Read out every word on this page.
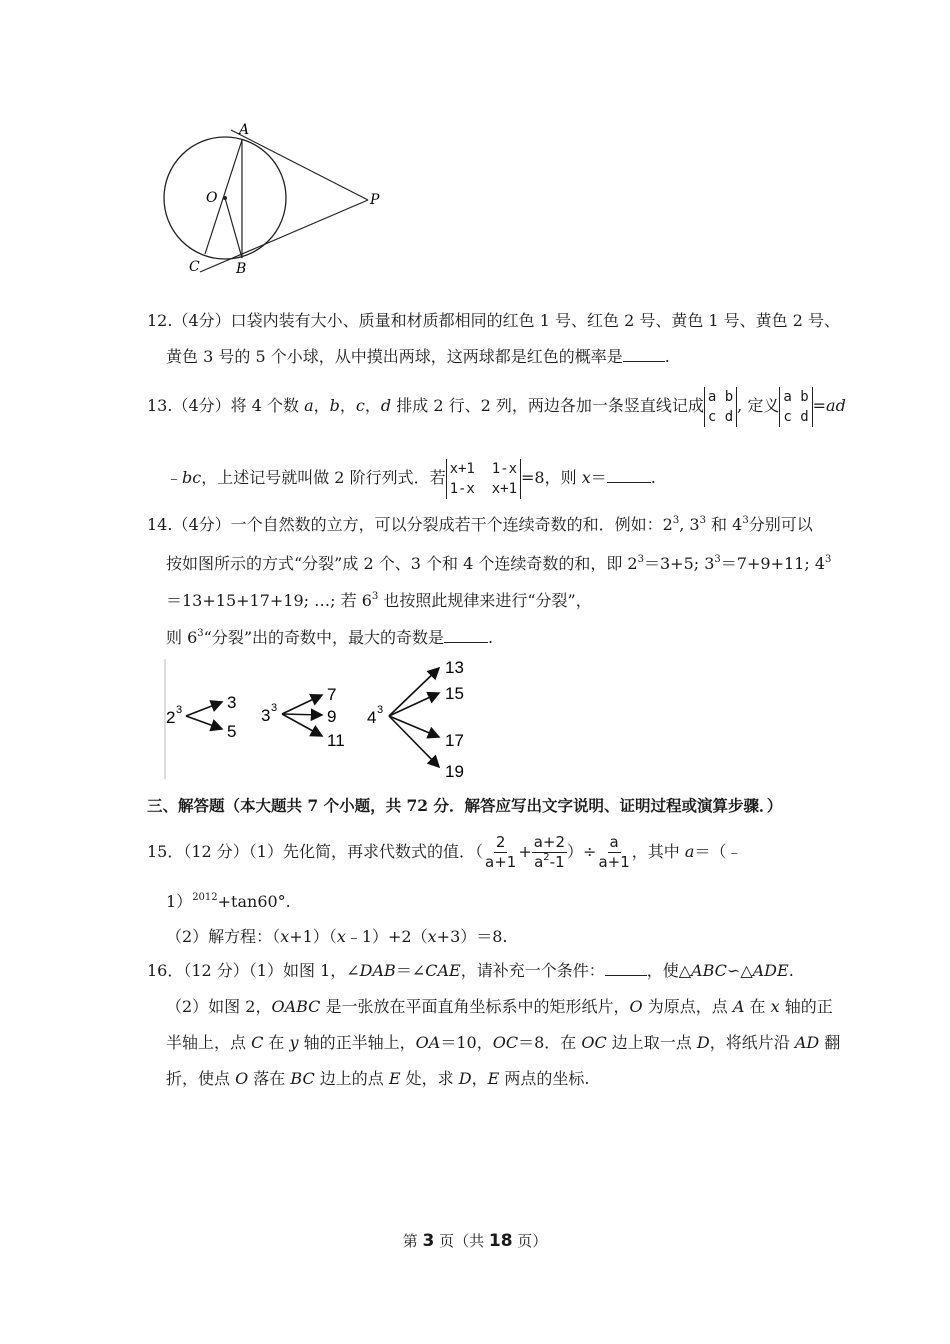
A
O	P
C	B
12.（4分）口袋内装有大小、质量和材质都相同的红色 1 号、红色 2 号、黄色 1 号、黄色 2 号、
黄色 3 号的 5 个小球，从中摸出两球，这两球都是红色的概率是	.
13.（4分）将 4 个数 a，b，c，d 排成 2 行、2 列，两边各加一条竖直线记成 a b
c d
, 定义 a b
c d
=ad
﹣bc，上述记号就叫做 2 阶行列式．若 x+1  1-x
1-x  x+1
=8，则 x＝	.
14.（4分）一个自然数的立方，可以分裂成若干个连续奇数的和．例如：$2^3$, $3^3$ 和 $4^3$分别可以
按如图所示的方式“分裂”成 2 个、3 个和 4 个连续奇数的和，即 $2^3=3+5$; $3^3=7+9+11$; $4^3$
＝13+15+17+19; …; 若 $6^3$ 也按照此规律来进行“分裂”，
则 $6^3“$分裂”出的奇数中，最大的奇数是	.
2 3	3
5
3 3
7
9
11
4 3
13
15
17
19
三、解答题（本大题共 7 个小题，共 72 分．解答应写出文字说明、证明过程或演算步骤．）
15．（12 分）（1）先化简，再求代数式的值．（ $\frac{2}{a+1} + \frac{a+2}{a^2-1}$ ）÷ $\frac{a}{a+1}$ ，其中 a＝（﹣
1）$^{2012}$+tan60°.
（2）解方程：（x+1）（x﹣1）+2（x+3）＝8.
16．（12 分）（1）如图 1，∠DAB＝∠CAE，请补充一个条件：	，使△ABC∽△ADE.
（2）如图 2，OABC 是一张放在平面直角坐标系中的矩形纸片，O 为原点，点 A 在 x 轴的正
半轴上，点 C 在 y 轴的正半轴上，OA＝10，OC＝8．在 OC 边上取一点 D，将纸片沿 AD 翻
折，使点 O 落在 BC 边上的点 E 处，求 D，E 两点的坐标.
第 3 页（共 18 页）
